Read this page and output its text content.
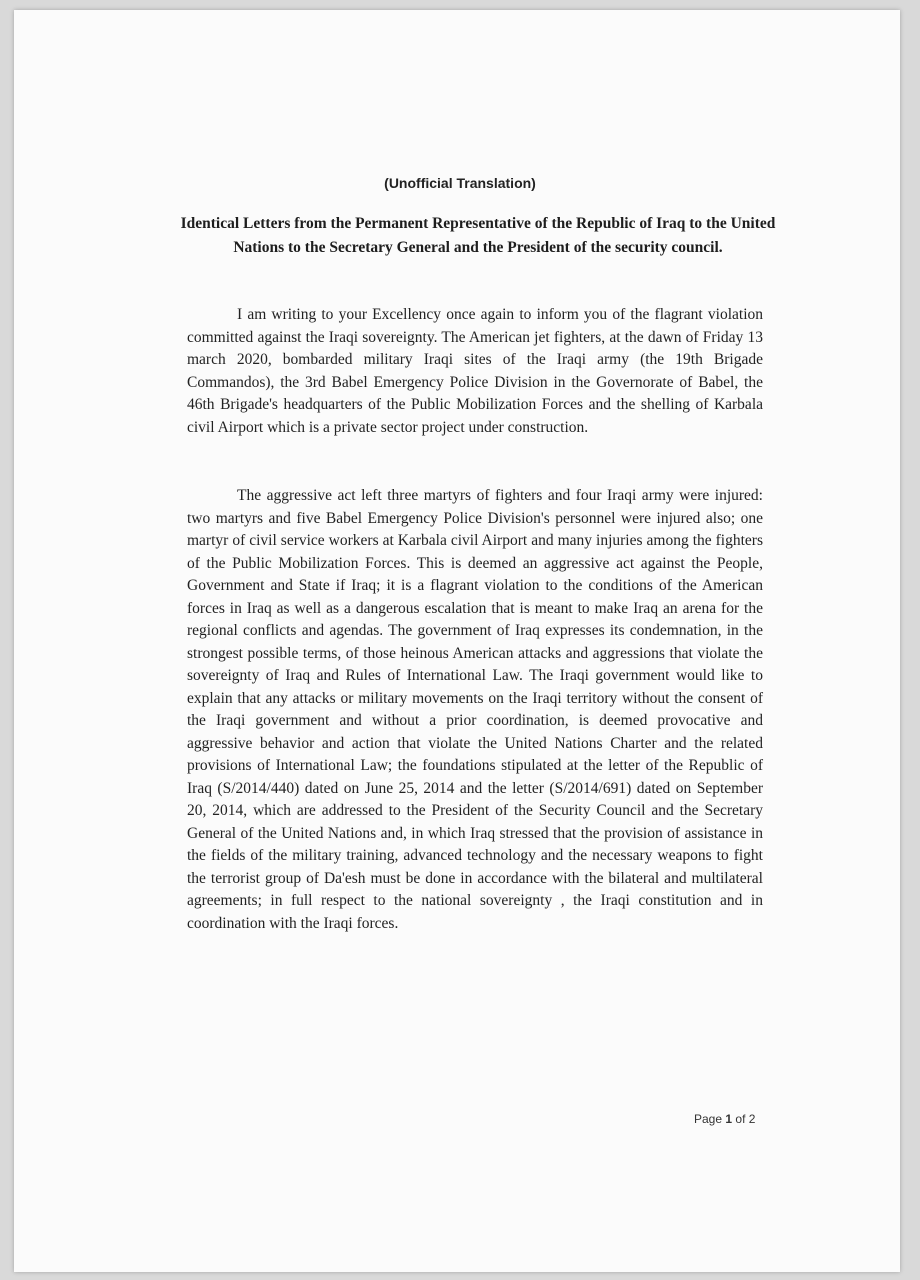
(Unofficial Translation)
Identical Letters from the Permanent Representative of the Republic of Iraq to the United Nations to the Secretary General and the President of the security council.
I am writing to your Excellency once again to inform you of the flagrant violation committed against the Iraqi sovereignty. The American jet fighters, at the dawn of Friday 13 march 2020, bombarded military Iraqi sites of the Iraqi army (the 19th Brigade Commandos), the 3rd Babel Emergency Police Division in the Governorate of Babel, the 46th Brigade's headquarters of the Public Mobilization Forces and the shelling of Karbala civil Airport which is a private sector project under construction.
The aggressive act left three martyrs of fighters and four Iraqi army were injured: two martyrs and five Babel Emergency Police Division's personnel were injured also; one martyr of civil service workers at Karbala civil Airport and many injuries among the fighters of the Public Mobilization Forces. This is deemed an aggressive act against the People, Government and State if Iraq; it is a flagrant violation to the conditions of the American forces in Iraq as well as a dangerous escalation that is meant to make Iraq an arena for the regional conflicts and agendas. The government of Iraq expresses its condemnation, in the strongest possible terms, of those heinous American attacks and aggressions that violate the sovereignty of Iraq and Rules of International Law. The Iraqi government would like to explain that any attacks or military movements on the Iraqi territory without the consent of the Iraqi government and without a prior coordination, is deemed provocative and aggressive behavior and action that violate the United Nations Charter and the related provisions of International Law; the foundations stipulated at the letter of the Republic of Iraq (S/2014/440) dated on June 25, 2014 and the letter (S/2014/691) dated on September 20, 2014, which are addressed to the President of the Security Council and the Secretary General of the United Nations and, in which Iraq stressed that the provision of assistance in the fields of the military training, advanced technology and the necessary weapons to fight the terrorist group of Da'esh must be done in accordance with the bilateral and multilateral agreements; in full respect to the national sovereignty , the Iraqi constitution and in coordination with the Iraqi forces.
Page 1 of 2
